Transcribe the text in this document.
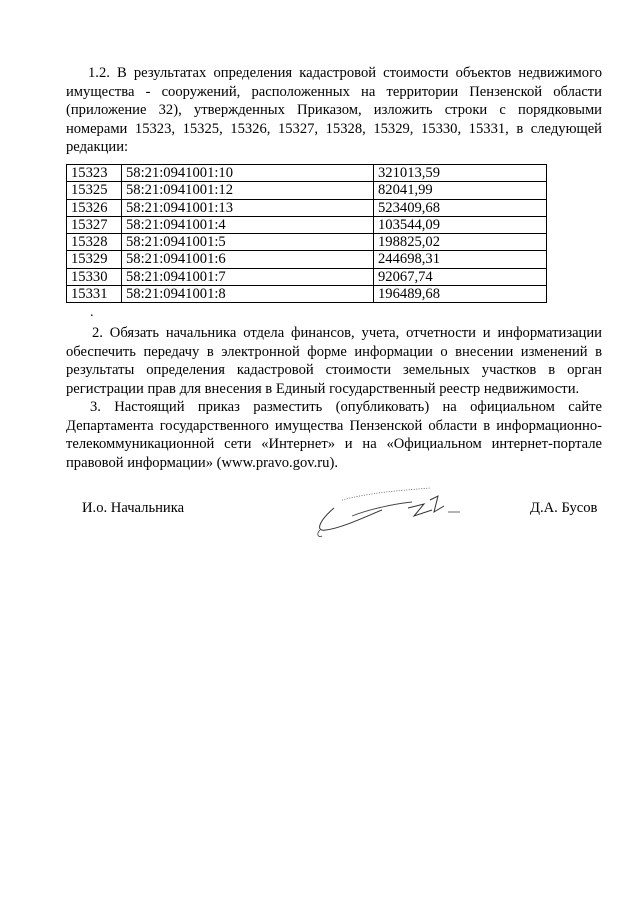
1.2. В результатах определения кадастровой стоимости объектов недвижимого имущества - сооружений, расположенных на территории Пензенской области (приложение 32), утвержденных Приказом, изложить строки с порядковыми номерами 15323, 15325, 15326, 15327, 15328, 15329, 15330, 15331, в следующей редакции:

15323	58:21:0941001:10	321013,59
15325	58:21:0941001:12	82041,99
15326	58:21:0941001:13	523409,68
15327	58:21:0941001:4	103544,09
15328	58:21:0941001:5	198825,02
15329	58:21:0941001:6	244698,31
15330	58:21:0941001:7	92067,74
15331	58:21:0941001:8	196489,68
.

2. Обязать начальника отдела финансов, учета, отчетности и информатизации обеспечить передачу в электронной форме информации о внесении изменений в результаты определения кадастровой стоимости земельных участков в орган регистрации прав для внесения в Единый государственный реестр недвижимости.

3. Настоящий приказ разместить (опубликовать) на официальном сайте Департамента государственного имущества Пензенской области в информационно-телекоммуникационной сети «Интернет» и на «Официальном интернет-портале правовой информации» (www.pravo.gov.ru).

И.о. Начальника	Д.А. Бусов
